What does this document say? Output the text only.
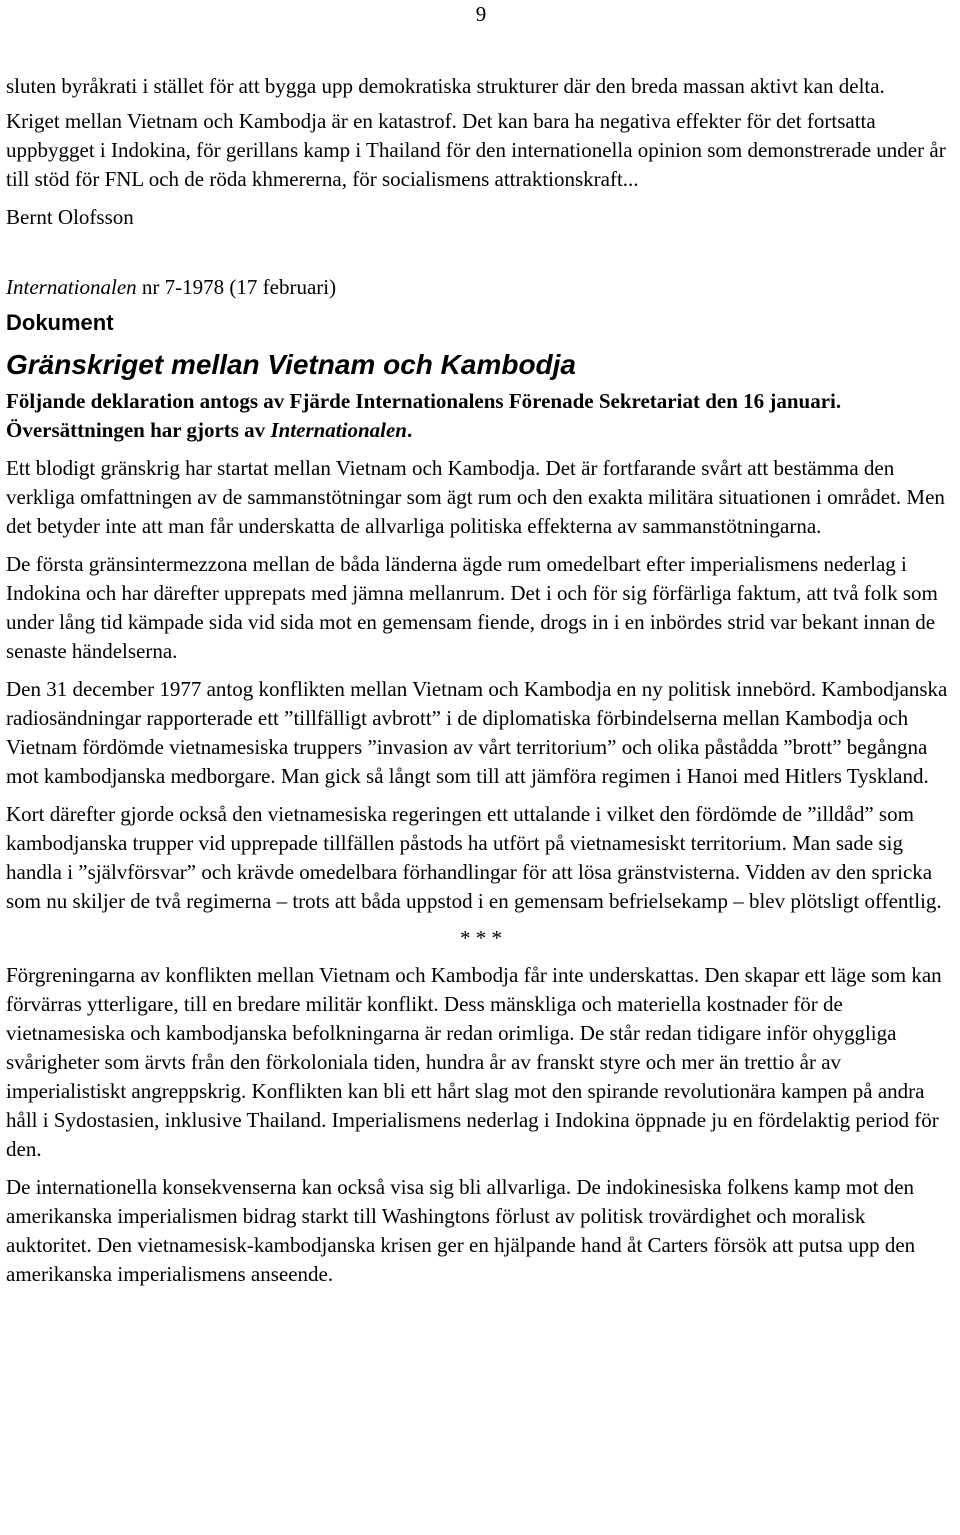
9

sluten byråkrati i stället för att bygga upp demokratiska strukturer där den breda massan aktivt kan delta.

Kriget mellan Vietnam och Kambodja är en katastrof. Det kan bara ha negativa effekter för det fortsatta uppbygget i Indokina, för gerillans kamp i Thailand för den internationella opinion som demonstrerade under år till stöd för FNL och de röda khmererna, för socialismens attraktionskraft...

Bernt Olofsson

Internationalen nr 7-1978 (17 februari)

Dokument
Gränskriget mellan Vietnam och Kambodja

Följande deklaration antogs av Fjärde Internationalens Förenade Sekretariat den 16 januari. Översättningen har gjorts av Internationalen.

Ett blodigt gränskrig har startat mellan Vietnam och Kambodja. Det är fortfarande svårt att bestämma den verkliga omfattningen av de sammanstötningar som ägt rum och den exakta militära situationen i området. Men det betyder inte att man får underskatta de allvarliga politiska effekterna av sammanstötningarna.

De första gränsintermezzona mellan de båda länderna ägde rum omedelbart efter imperialismens nederlag i Indokina och har därefter upprepats med jämna mellanrum. Det i och för sig förfärliga faktum, att två folk som under lång tid kämpade sida vid sida mot en gemensam fiende, drogs in i en inbördes strid var bekant innan de senaste händelserna.

Den 31 december 1977 antog konflikten mellan Vietnam och Kambodja en ny politisk innebörd. Kambodjanska radiosändningar rapporterade ett ”tillfälligt avbrott” i de diplomatiska förbindelserna mellan Kambodja och Vietnam fördömde vietnamesiska truppers ”invasion av vårt territorium” och olika påstådda ”brott” begångna mot kambodjanska medborgare. Man gick så långt som till att jämföra regimen i Hanoi med Hitlers Tyskland.

Kort därefter gjorde också den vietnamesiska regeringen ett uttalande i vilket den fördömde de ”illdåd” som kambodjanska trupper vid upprepade tillfällen påstods ha utfört på vietnamesiskt territorium. Man sade sig handla i ”självförsvar” och krävde omedelbara förhandlingar för att lösa gränstvisterna. Vidden av den spricka som nu skiljer de två regimerna – trots att båda uppstod i en gemensam befrielsekamp – blev plötsligt offentlig.

* * *

Förgreningarna av konflikten mellan Vietnam och Kambodja får inte underskattas. Den skapar ett läge som kan förvärras ytterligare, till en bredare militär konflikt. Dess mänskliga och materiella kostnader för de vietnamesiska och kambodjanska befolkningarna är redan orimliga. De står redan tidigare inför ohyggliga svårigheter som ärvts från den förkoloniala tiden, hundra år av franskt styre och mer än trettio år av imperialistiskt angreppskrig. Konflikten kan bli ett hårt slag mot den spirande revolutionära kampen på andra håll i Sydostasien, inklusive Thailand. Imperialismens nederlag i Indokina öppnade ju en fördelaktig period för den.

De internationella konsekvenserna kan också visa sig bli allvarliga. De indokinesiska folkens kamp mot den amerikanska imperialismen bidrag starkt till Washingtons förlust av politisk trovärdighet och moralisk auktoritet. Den vietnamesisk-kambodjanska krisen ger en hjälpande hand åt Carters försök att putsa upp den amerikanska imperialismens anseende.
